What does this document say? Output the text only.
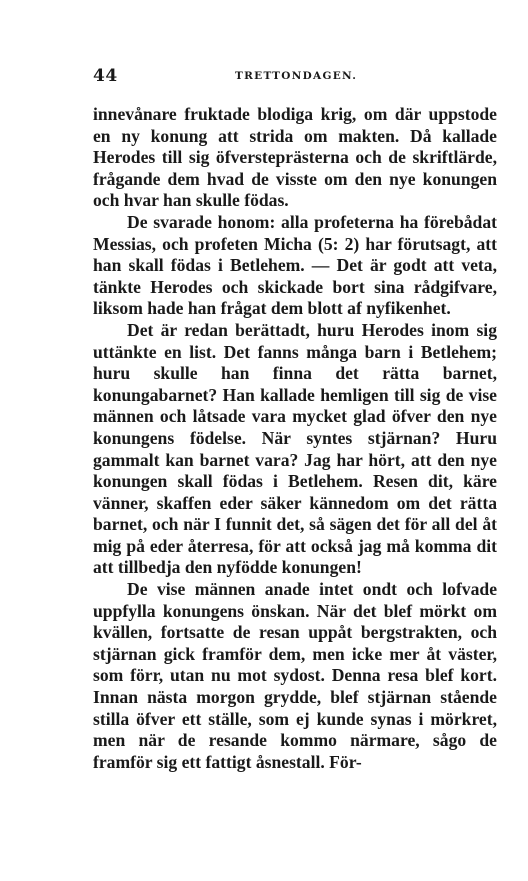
44	TRETTONDAGEN.

innevånare fruktade blodiga krig, om där uppstode en ny konung att strida om makten. Då kallade Herodes till sig öfversteprästerna och de skriftlärde, frågande dem hvad de visste om den nye konungen och hvar han skulle födas.

De svarade honom: alla profeterna ha förebådat Messias, och profeten Micha (5: 2) har förutsagt, att han skall födas i Betlehem. — Det är godt att veta, tänkte Herodes och skickade bort sina rådgifvare, liksom hade han frågat dem blott af nyfikenhet.

Det är redan berättadt, huru Herodes inom sig uttänkte en list. Det fanns många barn i Betlehem; huru skulle han finna det rätta barnet, konungabarnet? Han kallade hemligen till sig de vise männen och låtsade vara mycket glad öfver den nye konungens födelse. När syntes stjärnan? Huru gammalt kan barnet vara? Jag har hört, att den nye konungen skall födas i Betlehem. Resen dit, käre vänner, skaffen eder säker kännedom om det rätta barnet, och när I funnit det, så sägen det för all del åt mig på eder återresa, för att också jag må komma dit att tillbedja den nyfödde konungen!

De vise männen anade intet ondt och lofvade uppfylla konungens önskan. När det blef mörkt om kvällen, fortsatte de resan uppåt bergstrakten, och stjärnan gick framför dem, men icke mer åt väster, som förr, utan nu mot sydost. Denna resa blef kort. Innan nästa morgon grydde, blef stjärnan stående stilla öfver ett ställe, som ej kunde synas i mörkret, men när de resande kommo närmare, sågo de framför sig ett fattigt åsnestall. För-
